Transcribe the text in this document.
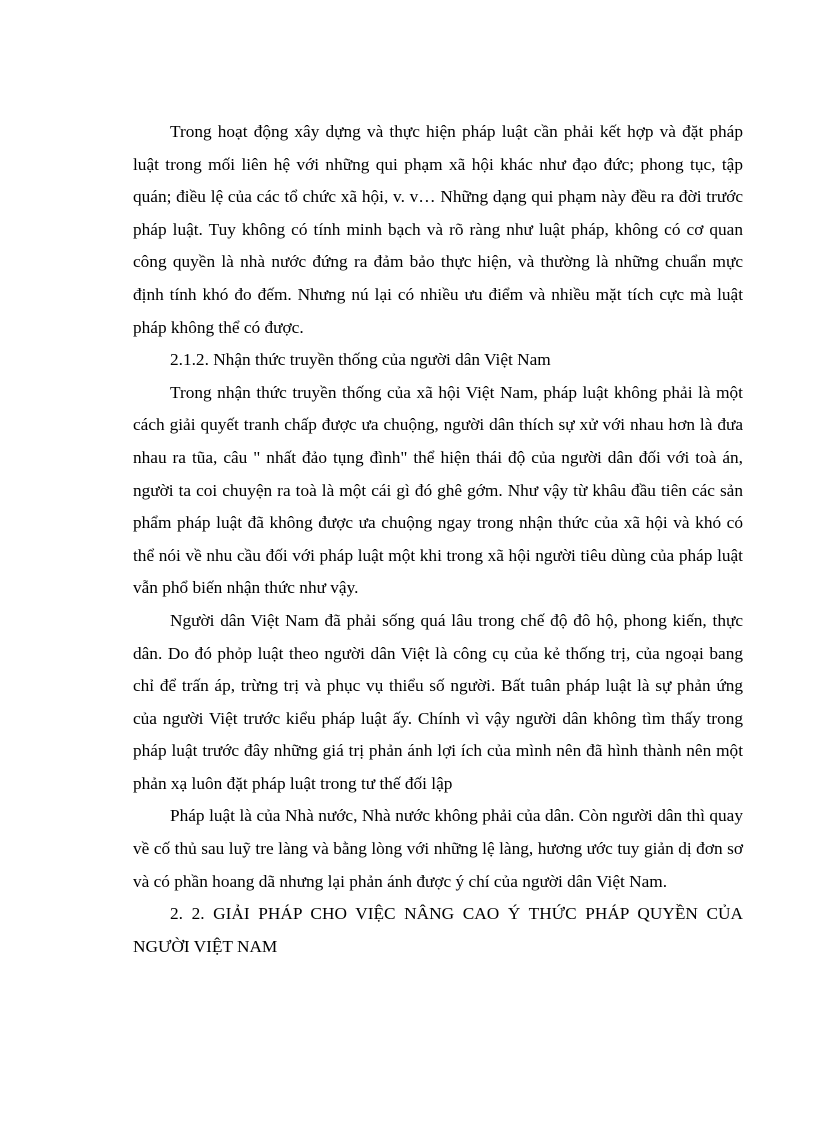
Trong hoạt động xây dựng và thực hiện pháp luật cần phải kết hợp và đặt pháp luật trong mối liên hệ với những qui phạm xã hội khác như đạo đức; phong tục, tập quán; điều lệ của các tổ chức xã hội, v. v… Những dạng qui phạm này đều ra đời trước pháp luật. Tuy không có tính minh bạch và rõ ràng như luật pháp, không có cơ quan công quyền là nhà nước đứng ra đảm bảo thực hiện, và thường là những chuẩn mực định tính khó đo đếm. Nhưng nú lại có nhiều ưu điểm và nhiều mặt tích cực mà luật pháp không thể có được.

2.1.2. Nhận thức truyền thống của người dân Việt Nam

Trong nhận thức truyền thống của xã hội Việt Nam, pháp luật không phải là một cách giải quyết tranh chấp được ưa chuộng, người dân thích sự xử với nhau hơn là đưa nhau ra tũa, câu " nhất đảo tụng đình" thể hiện thái độ của người dân đối với toà án, người ta coi chuyện ra toà là một cái gì đó ghê gớm. Như vậy từ khâu đầu tiên các sản phẩm pháp luật đã không được ưa chuộng ngay trong nhận thức của xã hội và khó có thể nói về nhu cầu đối với pháp luật một khi trong xã hội người tiêu dùng của pháp luật vẫn phổ biến nhận thức như vậy.

Người dân Việt Nam đã phải sống quá lâu trong chế độ đô hộ, phong kiến, thực dân. Do đó phỏp luật theo người dân Việt là công cụ của kẻ thống trị, của ngoại bang chỉ để trấn áp, trừng trị và phục vụ thiểu số người. Bất tuân pháp luật là sự phản ứng của người Việt trước kiểu pháp luật ấy. Chính vì vậy người dân không tìm thấy trong pháp luật trước đây những giá trị phản ánh lợi ích của mình nên đã hình thành nên một phản xạ luôn đặt pháp luật trong tư thế đối lập

Pháp luật là của Nhà nước, Nhà nước không phải của dân. Còn người dân thì quay về cố thủ sau luỹ tre làng và bằng lòng với những lệ làng, hương ước tuy giản dị đơn sơ và có phần hoang dã nhưng lại phản ánh được ý chí của người dân Việt Nam.

2. 2. GIẢI PHÁP CHO VIỆC NÂNG CAO Ý THỨC PHÁP QUYỀN CỦA NGƯỜI VIỆT NAM
